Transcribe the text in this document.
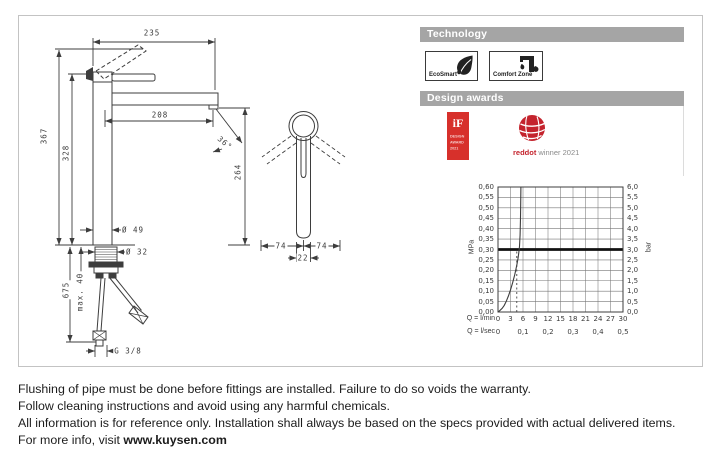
235
367
328
208
36°
264
Ø 49
Ø 32
675 max. 40
G 3/8
74	74
22
Technology
EcoSmart	Comfort Zone
Design awards
iF
DESIGN
AWARD
2021	reddot winner 2021
MPa	bar
Q = l/min
Q = l/sec
0,60
0,55
0,50
0,45
0,40
0,35
0,30
0,25
0,20
0,15
0,10
0,05
0,00
6,0
5,5
5,0
4,5
4,0
3,5
3,0
2,5
2,0
1,5
1,0
0,5
0,0
0	3	6	9 12 15 18 21 24 27 30
0	0,1 0,2 0,3 0,4 0,5
Flushing of pipe must be done before fittings are installed. Failure to do so voids the warranty.
Follow cleaning instructions and avoid using any harmful chemicals.
All information is for reference only. Installation shall always be based on the specs provided with actual delivered items.
For more info, visit www.kuysen.com
